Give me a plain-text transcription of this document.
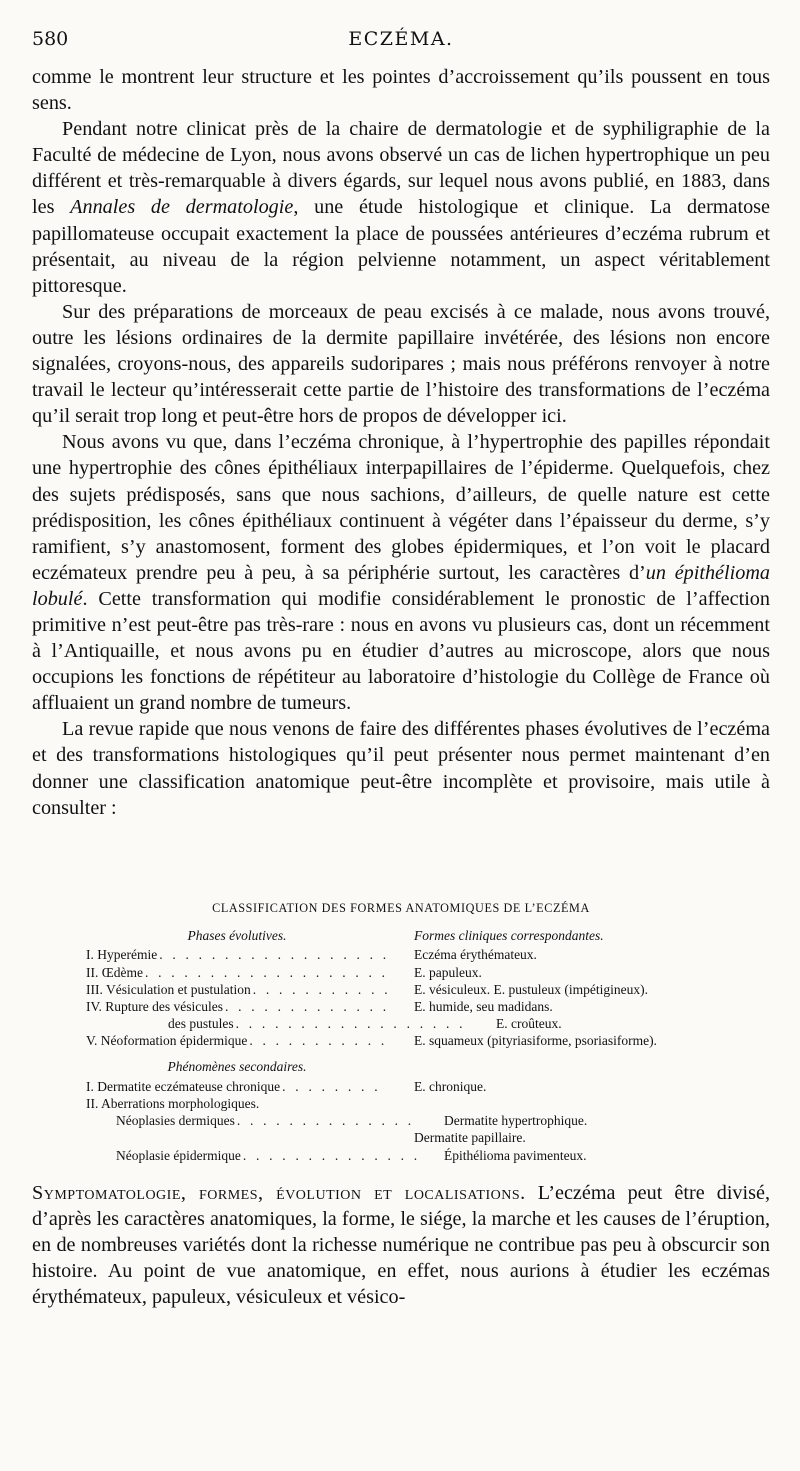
580	ECZÉMA.

comme le montrent leur structure et les pointes d’accroissement qu’ils poussent en tous sens.

Pendant notre clinicat près de la chaire de dermatologie et de syphiligraphie de la Faculté de médecine de Lyon, nous avons observé un cas de lichen hypertrophique un peu différent et très-remarquable à divers égards, sur lequel nous avons publié, en 1883, dans les Annales de dermatologie, une étude histologique et clinique. La dermatose papillomateuse occupait exactement la place de poussées antérieures d’eczéma rubrum et présentait, au niveau de la région pelvienne notamment, un aspect véritablement pittoresque.

Sur des préparations de morceaux de peau excisés à ce malade, nous avons trouvé, outre les lésions ordinaires de la dermite papillaire invétérée, des lésions non encore signalées, croyons-nous, des appareils sudoripares ; mais nous préférons renvoyer à notre travail le lecteur qu’intéresserait cette partie de l’histoire des transformations de l’eczéma qu’il serait trop long et peut-être hors de propos de développer ici.

Nous avons vu que, dans l’eczéma chronique, à l’hypertrophie des papilles répondait une hypertrophie des cônes épithéliaux interpapillaires de l’épiderme. Quelquefois, chez des sujets prédisposés, sans que nous sachions, d’ailleurs, de quelle nature est cette prédisposition, les cônes épithéliaux continuent à végéter dans l’épaisseur du derme, s’y ramifient, s’y anastomosent, forment des globes épidermiques, et l’on voit le placard eczémateux prendre peu à peu, à sa périphérie surtout, les caractères d’un épithélioma lobulé. Cette transformation qui modifie considérablement le pronostic de l’affection primitive n’est peut-être pas très-rare : nous en avons vu plusieurs cas, dont un récemment à l’Antiquaille, et nous avons pu en étudier d’autres au microscope, alors que nous occupions les fonctions de répétiteur au laboratoire d’histologie du Collège de France où affluaient un grand nombre de tumeurs.

La revue rapide que nous venons de faire des différentes phases évolutives de l’eczéma et des transformations histologiques qu’il peut présenter nous permet maintenant d’en donner une classification anatomique peut-être incomplète et provisoire, mais utile à consulter :

CLASSIFICATION DES FORMES ANATOMIQUES DE L’ECZÉMA
Phases évolutives.	Formes cliniques correspondantes.
I. Hyperémie . . .	Eczéma érythémateux.
II. Œdème . . .	E. papuleux.
III. Vésiculation et pustulation . . .	E. vésiculeux. E. pustuleux (impétigineux).
IV. Rupture des vésicules . . .	E. humide, seu madidans.
des pustules . . .	E. croûteux.
V. Néoformation épidermique . . .	E. squameux (pityriasiforme, psoriasiforme).
Phénomènes secondaires.
I. Dermatite eczémateuse chronique . . .	E. chronique.
II. Aberrations morphologiques.
Néoplasies dermiques . . .	Dermatite hypertrophique.
Dermatite papillaire.
Néoplasie épidermique . . .	Épithélioma pavimenteux.

Symptomatologie, formes, évolution et localisations. L’eczéma peut être divisé, d’après les caractères anatomiques, la forme, le siége, la marche et les causes de l’éruption, en de nombreuses variétés dont la richesse numérique ne contribue pas peu à obscurcir son histoire. Au point de vue anatomique, en effet, nous aurions à étudier les eczémas érythémateux, papuleux, vésiculeux et vésico-
